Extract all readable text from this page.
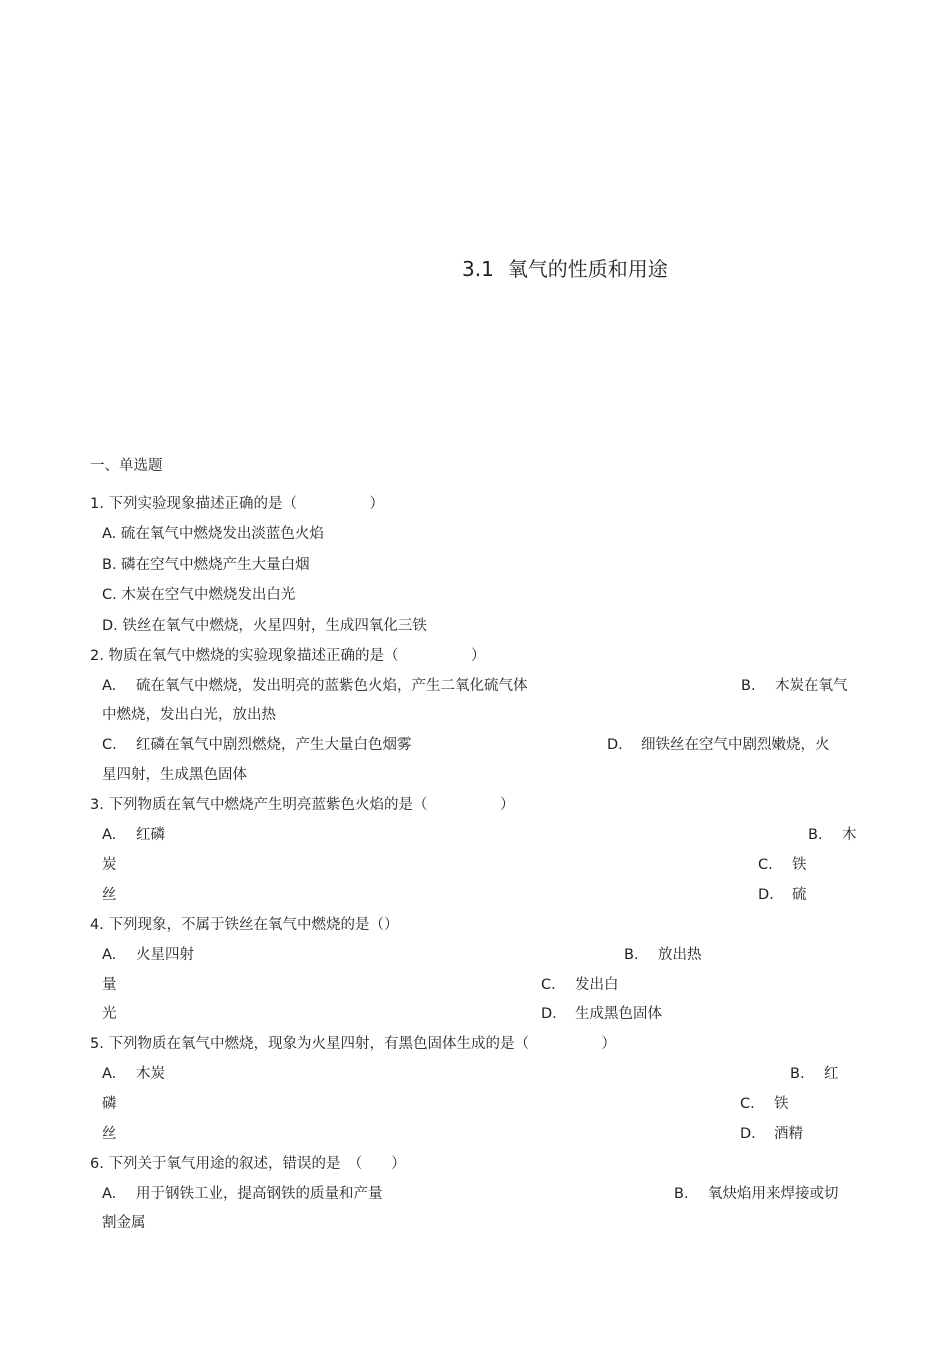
3.1 氧气的性质和用途
一、单选题
1. 下列实验现象描述正确的是（　　　　　）
A. 硫在氧气中燃烧发出淡蓝色火焰
B. 磷在空气中燃烧产生大量白烟
C. 木炭在空气中燃烧发出白光
D. 铁丝在氧气中燃烧，火星四射，生成四氧化三铁
2. 物质在氧气中燃烧的实验现象描述正确的是（　　　　　）
A. 硫在氧气中燃烧，发出明亮的蓝紫色火焰，产生二氧化硫气体	B. 木炭在氧气
中燃烧，发出白光，放出热
C. 红磷在氧气中剧烈燃烧，产生大量白色烟雾	D. 细铁丝在空气中剧烈嫩烧，火
星四射，生成黑色固体
3. 下列物质在氧气中燃烧产生明亮蓝紫色火焰的是（　　　　　）
A. 红磷	B. 木
炭	C. 铁
丝	D. 硫
4. 下列现象，不属于铁丝在氧气中燃烧的是（）
A. 火星四射	B. 放出热
量	C. 发出白
光	D. 生成黑色固体
5. 下列物质在氧气中燃烧，现象为火星四射，有黑色固体生成的是（　　　　　）
A. 木炭	B. 红
磷	C. 铁
丝	D. 酒精
6. 下列关于氧气用途的叙述，错误的是　（　　）
A. 用于钢铁工业，提高钢铁的质量和产量	B. 氧炔焰用来焊接或切
割金属
